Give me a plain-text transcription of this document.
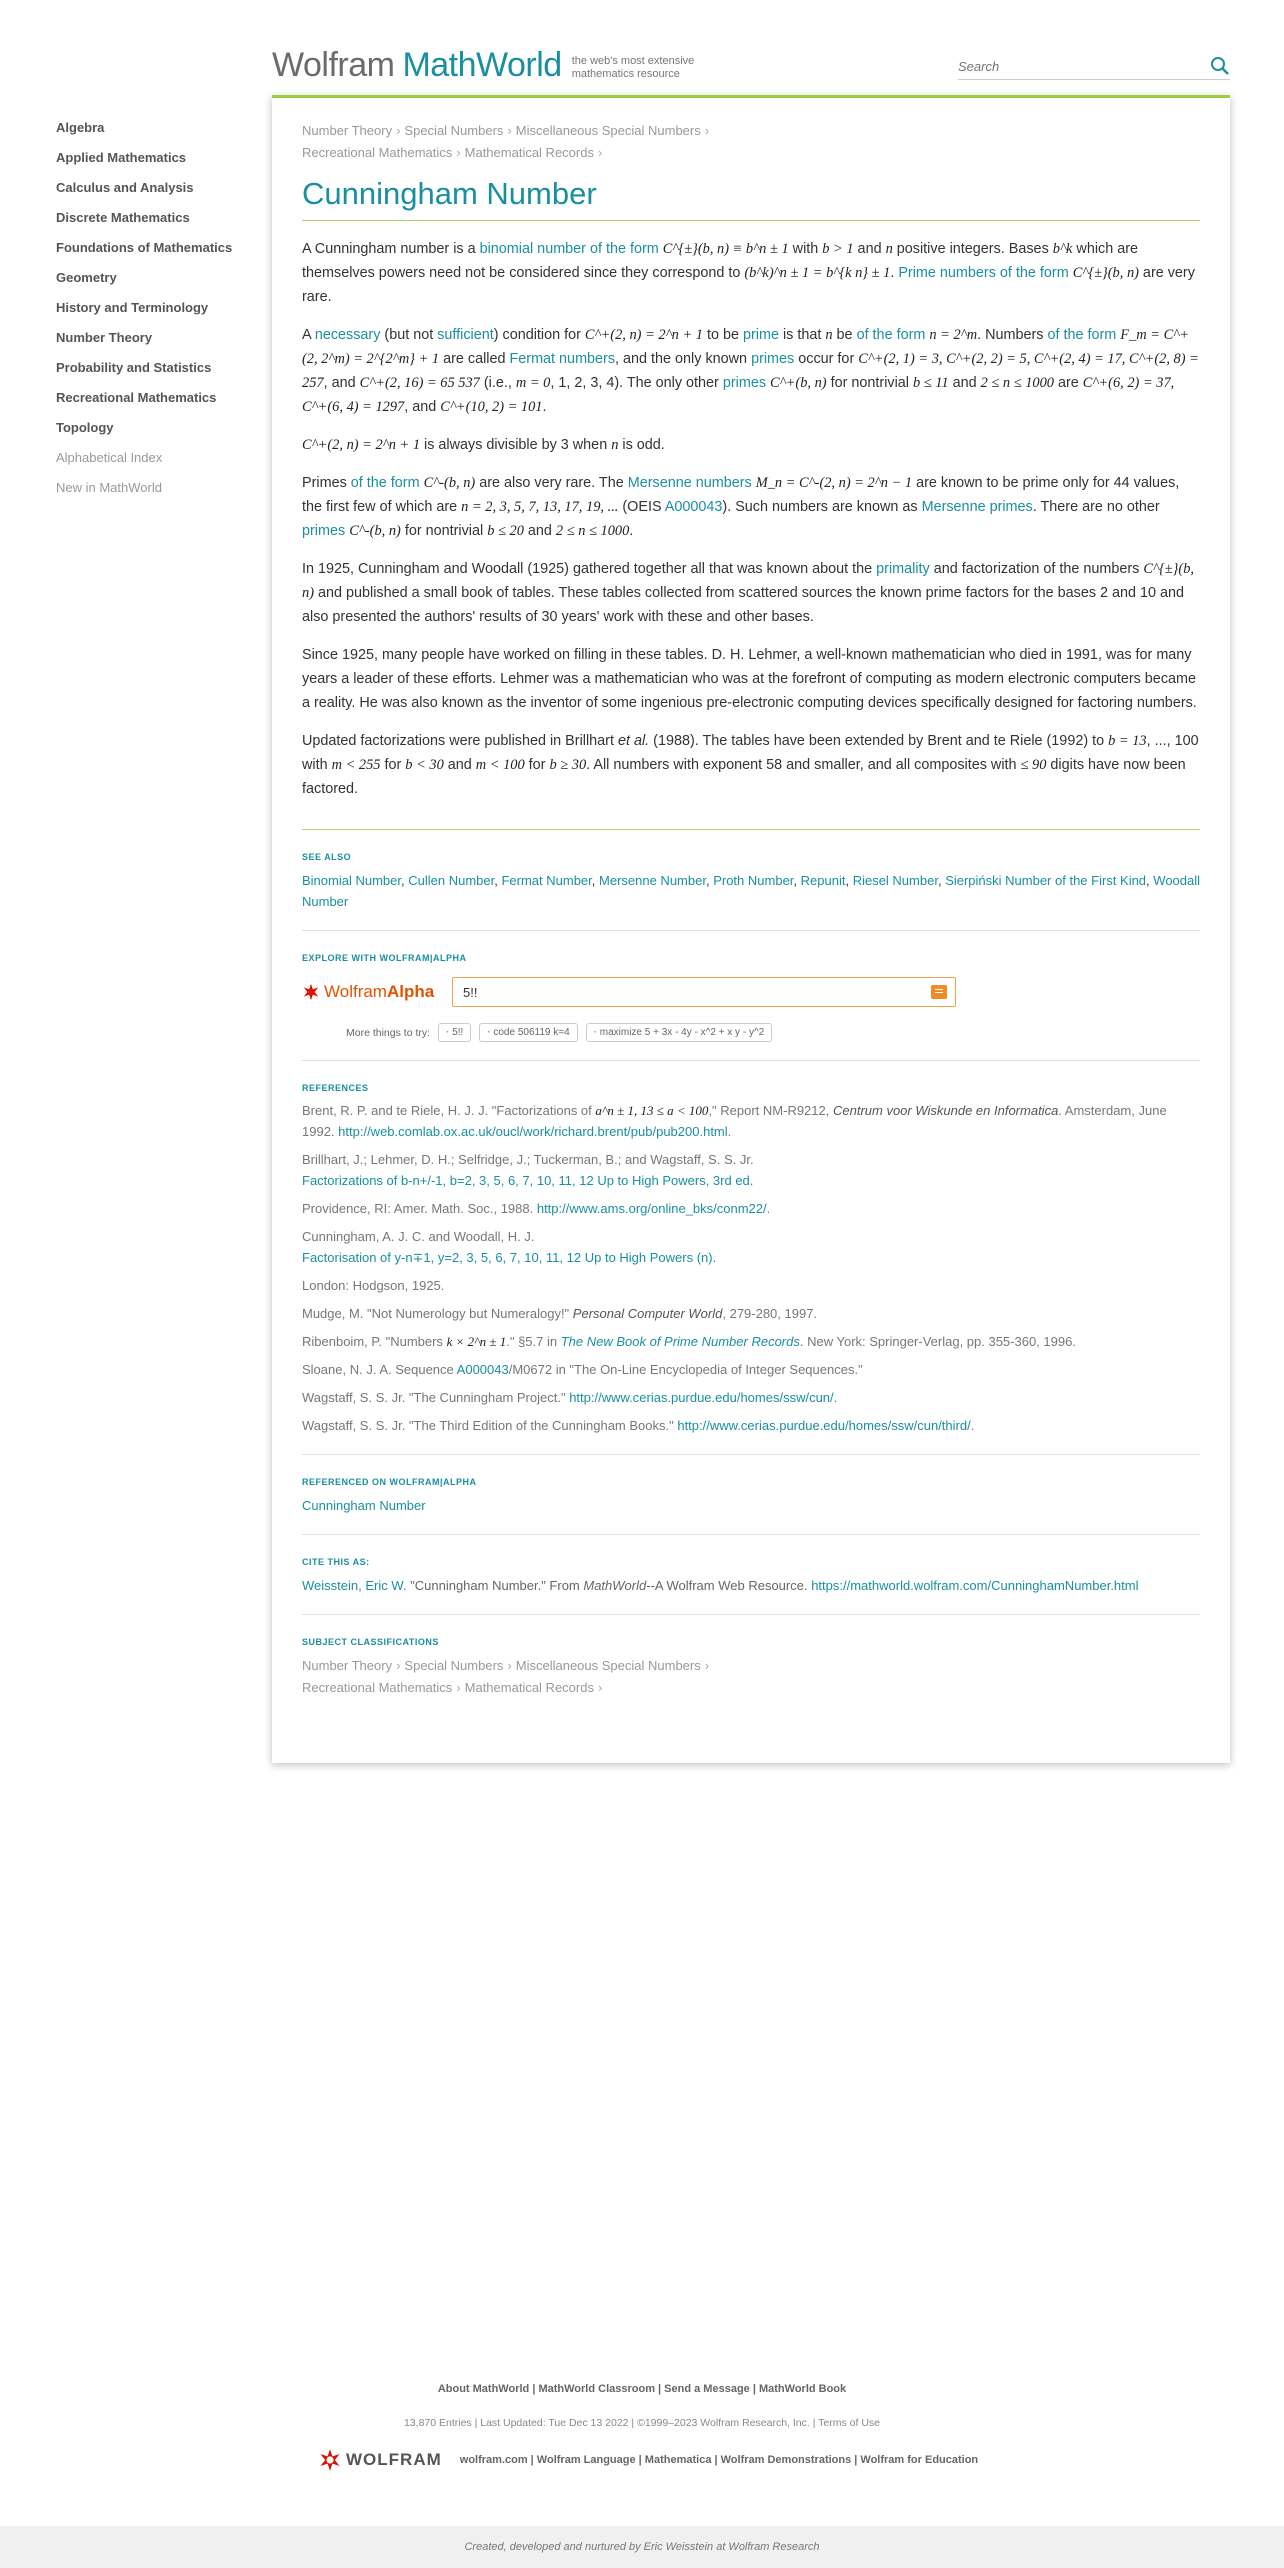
Wolfram MathWorld the web's most extensive mathematics resource
Search
Algebra
Applied Mathematics
Calculus and Analysis
Discrete Mathematics
Foundations of Mathematics
Geometry
History and Terminology
Number Theory
Probability and Statistics
Recreational Mathematics
Topology
Alphabetical Index
New in MathWorld
Number Theory › Special Numbers › Miscellaneous Special Numbers ›
Recreational Mathematics › Mathematical Records ›
Cunningham Number

A Cunningham number is a binomial number of the form C^{±}(b, n) ≡ b^n ± 1 with b > 1 and n positive integers. Bases b^k which are themselves powers need not be considered since they correspond to (b^k)^n ± 1 = b^{k n} ± 1. Prime numbers of the form C^{±}(b, n) are very rare.

A necessary (but not sufficient) condition for C^+(2, n) = 2^n + 1 to be prime is that n be of the form n = 2^m. Numbers of the form F_m = C^+(2, 2^m) = 2^{2^m} + 1 are called Fermat numbers, and the only known primes occur for C^+(2, 1) = 3, C^+(2, 2) = 5, C^+(2, 4) = 17, C^+(2, 8) = 257, and C^+(2, 16) = 65 537 (i.e., m = 0, 1, 2, 3, 4). The only other primes C^+(b, n) for nontrivial b ≤ 11 and 2 ≤ n ≤ 1000 are C^+(6, 2) = 37, C^+(6, 4) = 1297, and C^+(10, 2) = 101.

C^+(2, n) = 2^n + 1 is always divisible by 3 when n is odd.

Primes of the form C^-(b, n) are also very rare. The Mersenne numbers M_n = C^-(2, n) = 2^n − 1 are known to be prime only for 44 values, the first few of which are n = 2, 3, 5, 7, 13, 17, 19, ... (OEIS A000043). Such numbers are known as Mersenne primes. There are no other primes C^-(b, n) for nontrivial b ≤ 20 and 2 ≤ n ≤ 1000.

In 1925, Cunningham and Woodall (1925) gathered together all that was known about the primality and factorization of the numbers C^{±}(b, n) and published a small book of tables. These tables collected from scattered sources the known prime factors for the bases 2 and 10 and also presented the authors' results of 30 years' work with these and other bases.

Since 1925, many people have worked on filling in these tables. D. H. Lehmer, a well-known mathematician who died in 1991, was for many years a leader of these efforts. Lehmer was a mathematician who was at the forefront of computing as modern electronic computers became a reality. He was also known as the inventor of some ingenious pre-electronic computing devices specifically designed for factoring numbers.

Updated factorizations were published in Brillhart et al. (1988). The tables have been extended by Brent and te Riele (1992) to b = 13, ..., 100 with m < 255 for b < 30 and m < 100 for b ≥ 30. All numbers with exponent 58 and smaller, and all composites with ≤ 90 digits have now been factored.

SEE ALSO
Binomial Number, Cullen Number, Fermat Number, Mersenne Number, Proth Number, Repunit, Riesel Number, Sierpiński Number of the First Kind, Woodall Number
EXPLORE WITH WOLFRAM|ALPHA
Wolfram Alpha 5!!
More things to try:	· 5!!	· code 506119 k=4	· maximize 5 + 3x - 4y - x^2 + x y - y^2
REFERENCES

Brent, R. P. and te Riele, H. J. J. "Factorizations of a^n ± 1, 13 ≤ a < 100," Report NM-R9212, Centrum voor Wiskunde en Informatica. Amsterdam, June 1992. http://web.comlab.ox.ac.uk/oucl/work/richard.brent/pub/pub200.html.

Brillhart, J.; Lehmer, D. H.; Selfridge, J.; Tuckerman, B.; and Wagstaff, S. S. Jr.
Factorizations of b-n+/-1, b=2, 3, 5, 6, 7, 10, 11, 12 Up to High Powers, 3rd ed.

Providence, RI: Amer. Math. Soc., 1988. http://www.ams.org/online_bks/conm22/.

Cunningham, A. J. C. and Woodall, H. J.
Factorisation of y-n∓1, y=2, 3, 5, 6, 7, 10, 11, 12 Up to High Powers (n).

London: Hodgson, 1925.

Mudge, M. "Not Numerology but Numeralogy!" Personal Computer World, 279-280, 1997.

Ribenboim, P. "Numbers k × 2^n ± 1." §5.7 in The New Book of Prime Number Records. New York: Springer-Verlag, pp. 355-360, 1996.

Sloane, N. J. A. Sequence A000043/M0672 in "The On-Line Encyclopedia of Integer Sequences."

Wagstaff, S. S. Jr. "The Cunningham Project." http://www.cerias.purdue.edu/homes/ssw/cun/.

Wagstaff, S. S. Jr. "The Third Edition of the Cunningham Books." http://www.cerias.purdue.edu/homes/ssw/cun/third/.

REFERENCED ON WOLFRAM|ALPHA
Cunningham Number
CITE THIS AS:
Weisstein, Eric W. "Cunningham Number." From MathWorld--A Wolfram Web Resource. https://mathworld.wolfram.com/CunninghamNumber.html
SUBJECT CLASSIFICATIONS
Number Theory › Special Numbers › Miscellaneous Special Numbers ›
Recreational Mathematics › Mathematical Records ›
About MathWorld | MathWorld Classroom | Send a Message | MathWorld Book
13,870 Entries | Last Updated: Tue Dec 13 2022 | ©1999–2023 Wolfram Research, Inc. | Terms of Use
WOLFRAM wolfram.com | Wolfram Language | Mathematica | Wolfram Demonstrations | Wolfram for Education
Created, developed and nurtured by Eric Weisstein at Wolfram Research
